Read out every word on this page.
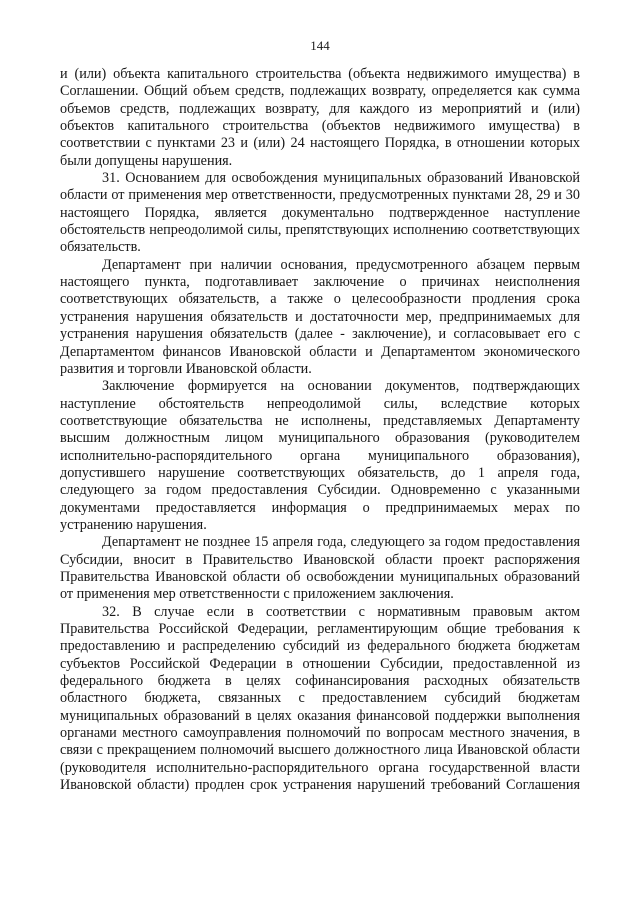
144

и (или) объекта капитального строительства (объекта недвижимого имущества) в Соглашении. Общий объем средств, подлежащих возврату, определяется как сумма объемов средств, подлежащих возврату, для каждого из мероприятий и (или) объектов капитального строительства (объектов недвижимого имущества) в соответствии с пунктами 23 и (или) 24 настоящего Порядка, в отношении которых были допущены нарушения.

31. Основанием для освобождения муниципальных образований Ивановской области от применения мер ответственности, предусмотренных пунктами 28, 29 и 30 настоящего Порядка, является документально подтвержденное наступление обстоятельств непреодолимой силы, препятствующих исполнению соответствующих обязательств.

Департамент при наличии основания, предусмотренного абзацем первым настоящего пункта, подготавливает заключение о причинах неисполнения соответствующих обязательств, а также о целесообразности продления срока устранения нарушения обязательств и достаточности мер, предпринимаемых для устранения нарушения обязательств (далее - заключение), и согласовывает его с Департаментом финансов Ивановской области и Департаментом экономического развития и торговли Ивановской области.

Заключение формируется на основании документов, подтверждающих наступление обстоятельств непреодолимой силы, вследствие которых соответствующие обязательства не исполнены, представляемых Департаменту высшим должностным лицом муниципального образования (руководителем исполнительно-распорядительного органа муниципального образования), допустившего нарушение соответствующих обязательств, до 1 апреля года, следующего за годом предоставления Субсидии. Одновременно с указанными документами предоставляется информация о предпринимаемых мерах по устранению нарушения.

Департамент не позднее 15 апреля года, следующего за годом предоставления Субсидии, вносит в Правительство Ивановской области проект распоряжения Правительства Ивановской области об освобождении муниципальных образований от применения мер ответственности с приложением заключения.

32. В случае если в соответствии с нормативным правовым актом Правительства Российской Федерации, регламентирующим общие требования к предоставлению и распределению субсидий из федерального бюджета бюджетам субъектов Российской Федерации в отношении Субсидии, предоставленной из федерального бюджета в целях софинансирования расходных обязательств областного бюджета, связанных с предоставлением субсидий бюджетам муниципальных образований в целях оказания финансовой поддержки выполнения органами местного самоуправления полномочий по вопросам местного значения, в связи с прекращением полномочий высшего должностного лица Ивановской области (руководителя исполнительно-распорядительного органа государственной власти Ивановской области) продлен срок устранения нарушений требований Соглашения
